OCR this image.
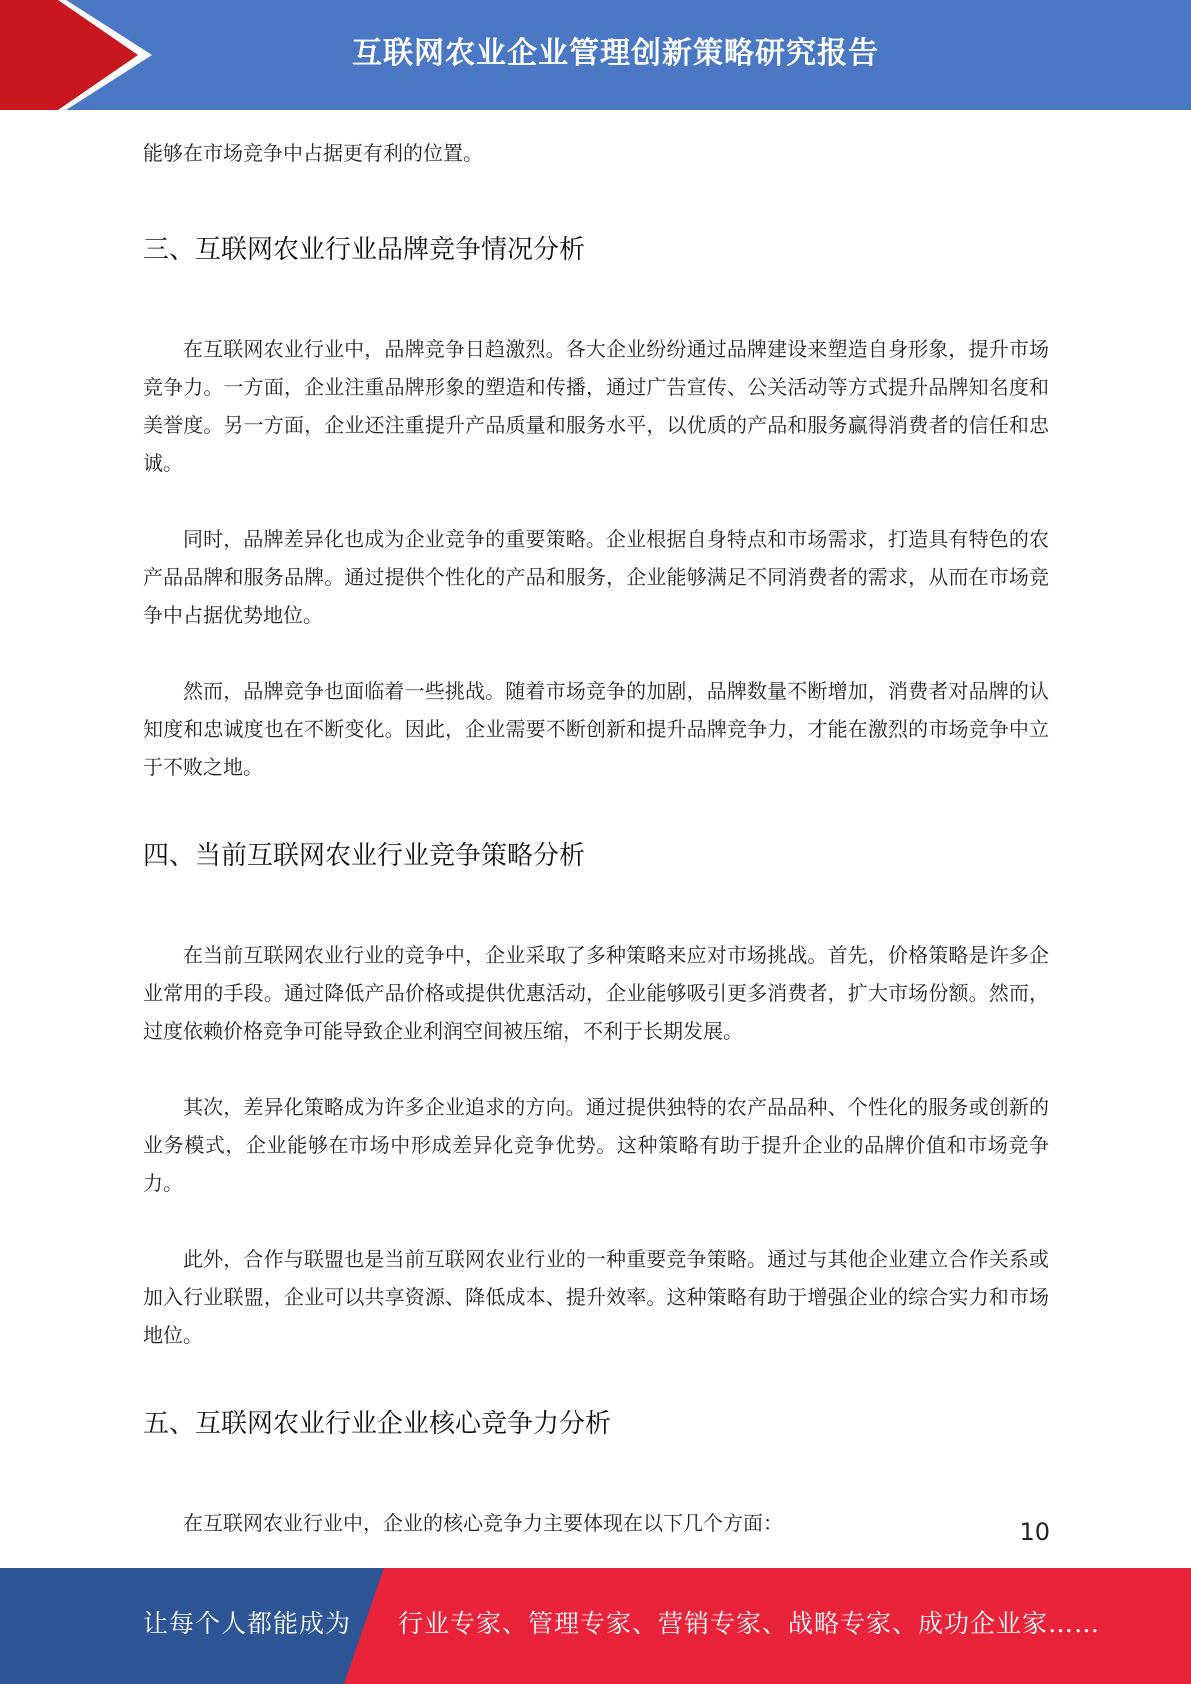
互联网农业企业管理创新策略研究报告

能够在市场竞争中占据更有利的位置。

三、互联网农业行业品牌竞争情况分析

在互联网农业行业中，品牌竞争日趋激烈。各大企业纷纷通过品牌建设来塑造自身形象，提升市场竞争力。一方面，企业注重品牌形象的塑造和传播，通过广告宣传、公关活动等方式提升品牌知名度和美誉度。另一方面，企业还注重提升产品质量和服务水平，以优质的产品和服务赢得消费者的信任和忠诚。

同时，品牌差异化也成为企业竞争的重要策略。企业根据自身特点和市场需求，打造具有特色的农产品品牌和服务品牌。通过提供个性化的产品和服务，企业能够满足不同消费者的需求，从而在市场竞争中占据优势地位。

然而，品牌竞争也面临着一些挑战。随着市场竞争的加剧，品牌数量不断增加，消费者对品牌的认知度和忠诚度也在不断变化。因此，企业需要不断创新和提升品牌竞争力，才能在激烈的市场竞争中立于不败之地。

四、当前互联网农业行业竞争策略分析

在当前互联网农业行业的竞争中，企业采取了多种策略来应对市场挑战。首先，价格策略是许多企业常用的手段。通过降低产品价格或提供优惠活动，企业能够吸引更多消费者，扩大市场份额。然而，过度依赖价格竞争可能导致企业利润空间被压缩，不利于长期发展。

其次，差异化策略成为许多企业追求的方向。通过提供独特的农产品品种、个性化的服务或创新的业务模式，企业能够在市场中形成差异化竞争优势。这种策略有助于提升企业的品牌价值和市场竞争力。

此外，合作与联盟也是当前互联网农业行业的一种重要竞争策略。通过与其他企业建立合作关系或加入行业联盟，企业可以共享资源、降低成本、提升效率。这种策略有助于增强企业的综合实力和市场地位。

五、互联网农业行业企业核心竞争力分析

在互联网农业行业中，企业的核心竞争力主要体现在以下几个方面：	10
让每个人都能成为 行业专家、管理专家、营销专家、战略专家、成功企业家……
